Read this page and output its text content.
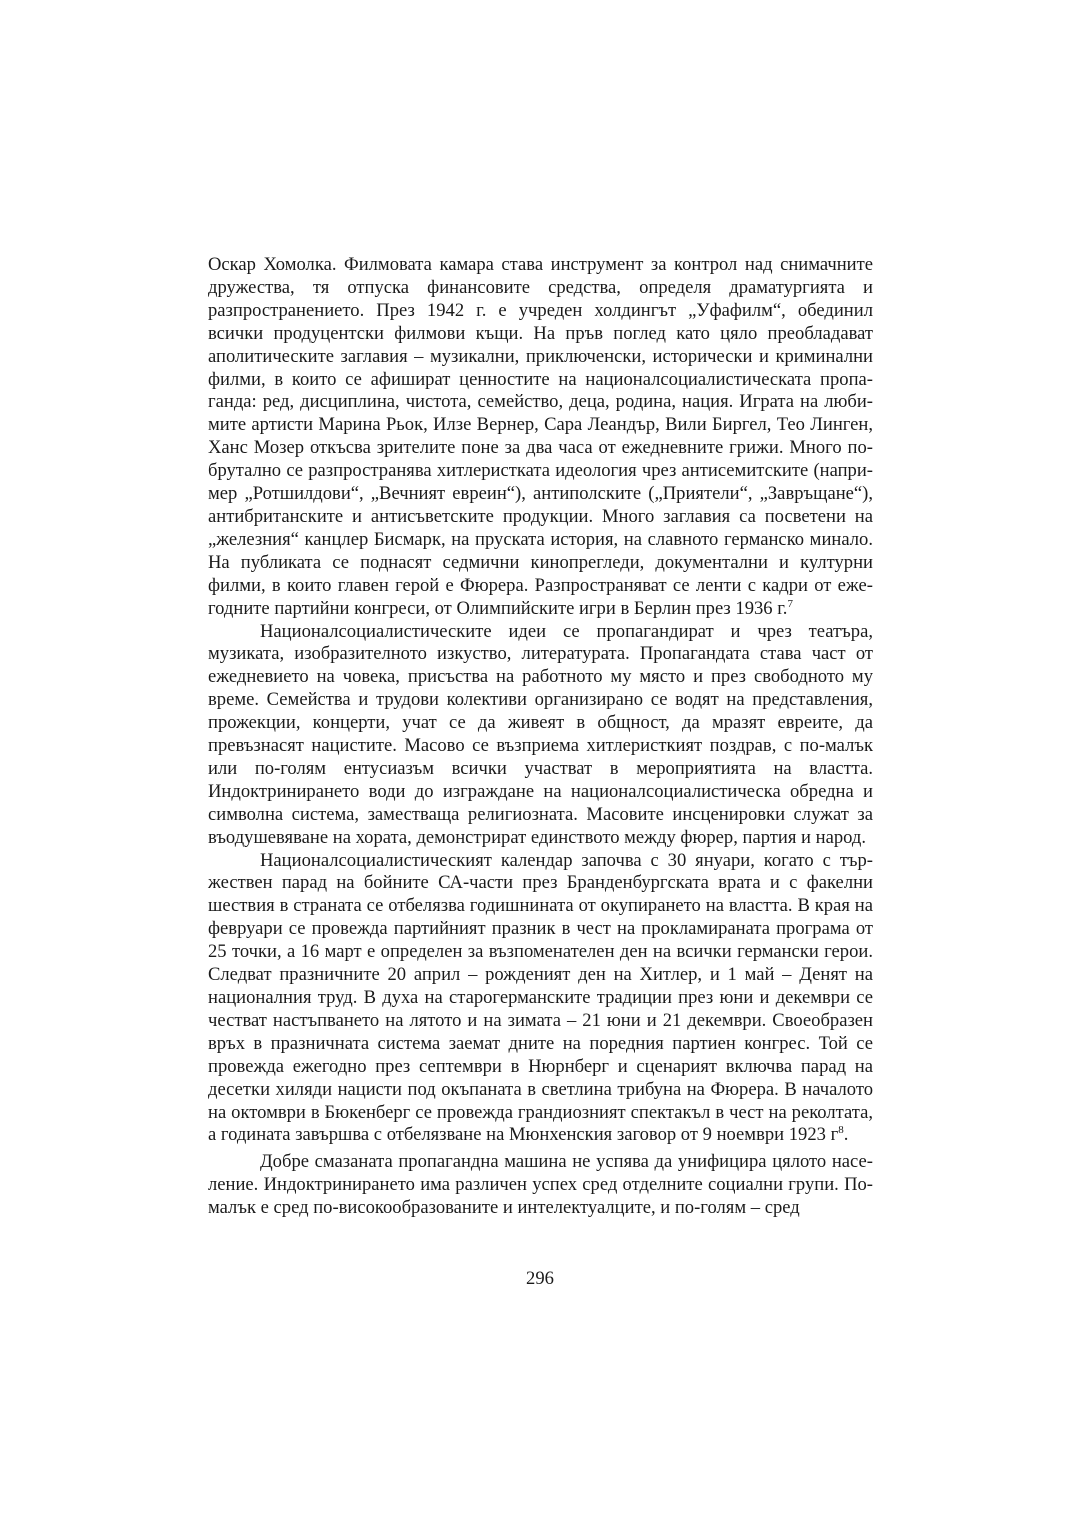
Оскар Хомолка. Филмовата камара става инструмент за контрол над снимачните дружества, тя отпуска финансовите средства, определя драматургията и разпространението. През 1942 г. е учреден холдингът „Уфафилм“, обединил всички продуцентски филмови къщи. На пръв поглед като цяло преобладават аполитическите заглавия – музикални, приключенски, исторически и криминални филми, в които се афишират ценностите на националсоциалистическата пропаганда: ред, дисциплина, чистота, семейство, деца, родина, нация. Играта на любимите артисти Марина Рьок, Илзе Вернер, Сара Леандър, Вили Биргел, Тео Линген, Ханс Мозер откъсва зрителите поне за два часа от ежедневните грижи. Много побрутално се разпространява хитлеристката идеология чрез антисемитските (например „Ротшилдови“, „Вечният евреин“), антиполските („Приятели“, „Завръщане“), антибританските и антисъветските продукции. Много заглавия са посветени на „железния“ канцлер Бисмарк, на пруската история, на славното германско минало. На публиката се поднасят седмични кинопрегледи, документални и културни филми, в които главен герой е Фюрера. Разпространяват се ленти с кадри от ежегодните партийни конгреси, от Олимпийските игри в Берлин през 1936 г.$^7$

Националсоциалистическите идеи се пропагандират и чрез театъра, музиката, изобразителното изкуство, литературата. Пропагандата става част от ежедневието на човека, присъства на работното му място и през свободното му време. Семейства и трудови колективи организирано се водят на представления, прожекции, концерти, учат се да живеят в общност, да мразят евреите, да превъзнасят нацистите. Масово се възприема хитлеристкият поздрав, с по-малък или по-голям ентусиазъм всички участват в мероприятията на властта. Индоктринирането води до изграждане на националсоциалистическа обредна и символна система, заместваща религиозната. Масовите инсценировки служат за въодушевяване на хората, демонстрират единството между фюрер, партия и народ.

Националсоциалистическият календар започва с 30 януари, когато с тържествен парад на бойните СА-части през Бранденбургската врата и с факелни шествия в страната се отбелязва годишнината от окупирането на властта. В края на февруари се провежда партийният празник в чест на прокламираната програма от 25 точки, а 16 март е определен за възпоменателен ден на всички германски герои. Следват празничните 20 април – рожденият ден на Хитлер, и 1 май – Денят на националния труд. В духа на старогерманските традиции през юни и декември се честват настъпването на лятото и на зимата – 21 юни и 21 декември. Своеобразен връх в празничната система заемат дните на поредния партиен конгрес. Той се провежда ежегодно през септември в Нюрнберг и сценарият включва парад на десетки хиляди нацисти под окъпаната в светлина трибуна на Фюрера. В началото на октомври в Бюкенберг се провежда грандиозният спектакъл в чест на реколтата, а годината завършва с отбелязване на Мюнхенския заговор от 9 ноември 1923 $г^8$.

Добре смазаната пропагандна машина не успява да унифицира цялото население. Индоктринирането има различен успех сред отделните социални групи. По-малък е сред по-високообразованите и интелектуалците, и по-голям – сред

296
